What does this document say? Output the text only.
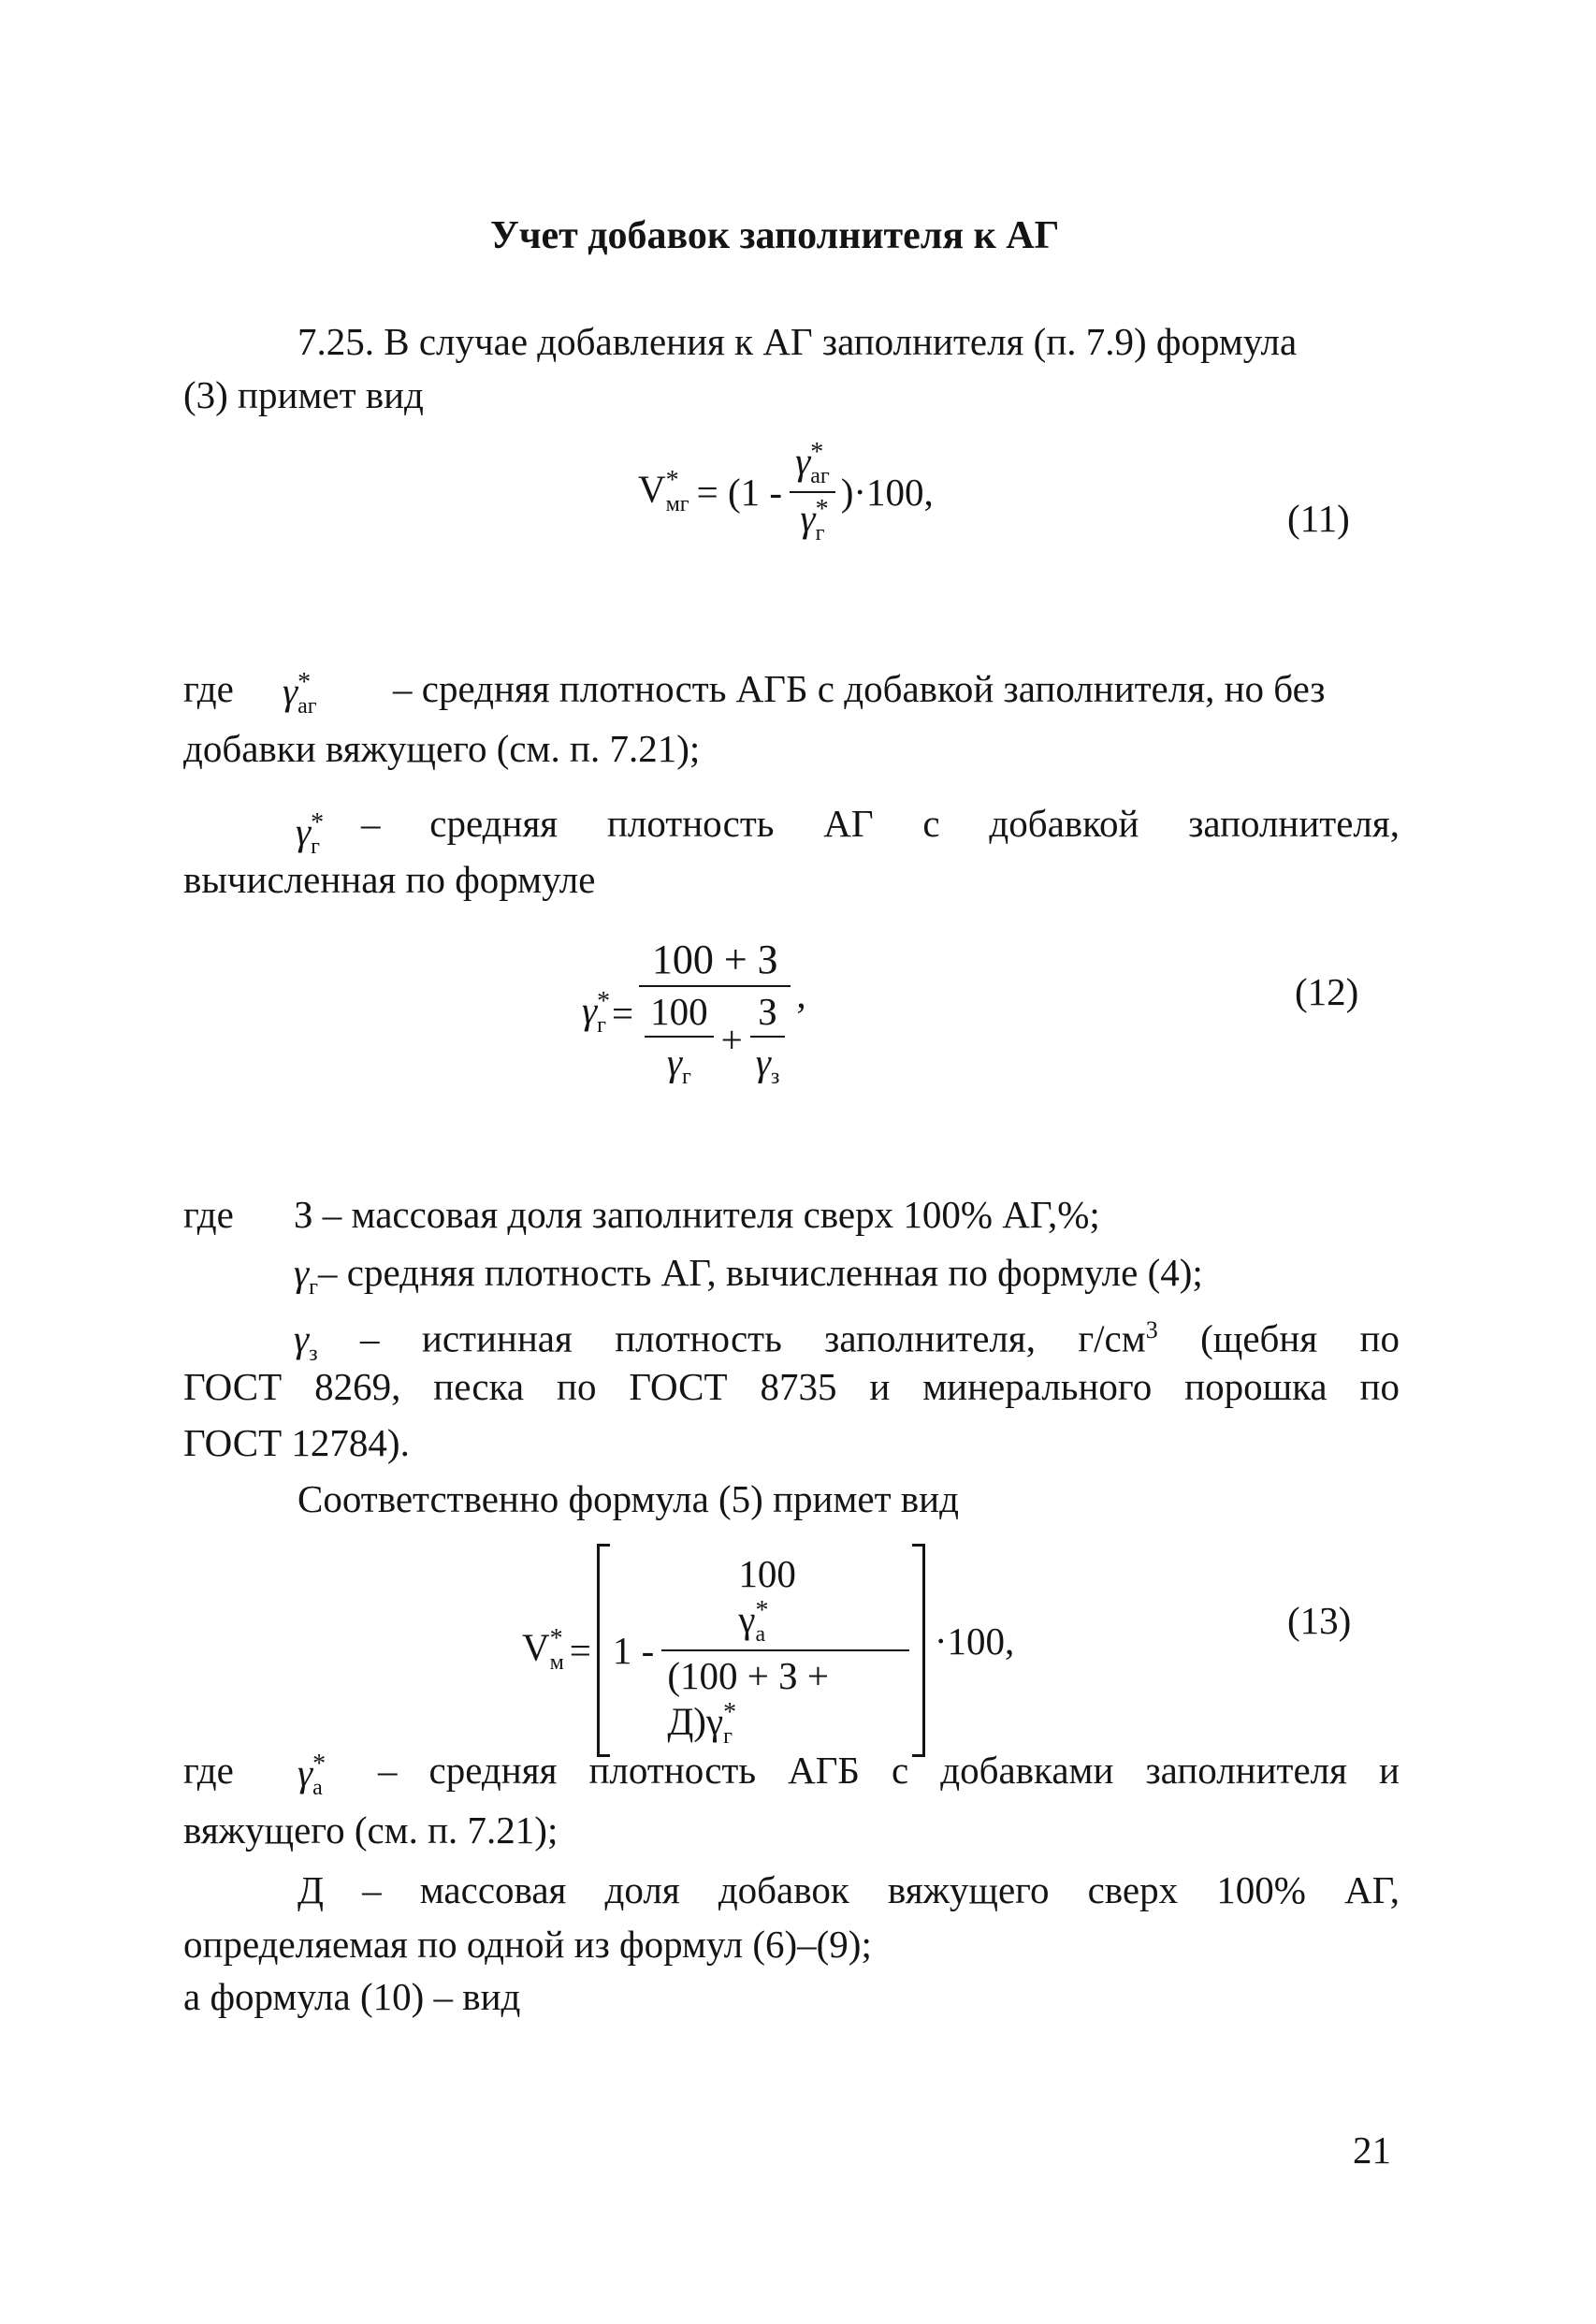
Учет добавок заполнителя к АГ
7.25. В случае добавления к АГ заполнителя (п. 7.9) формула
(3) примет вид
$V^*_{мг} = (1 - \frac{\gamma^*_{аг}}{\gamma^*_г} )\cdot 100$,
(11)
где $\gamma^*_{аг}$ – средняя плотность АГБ с добавкой заполнителя, но без
добавки вяжущего (см. п. 7.21);
$\gamma^*_г$
– средняя плотность АГ с добавкой заполнителя,
вычисленная по формуле
$\gamma^*_г$ =
100 + З
$\frac{100}{\gamma_г} + \frac{З}{\gamma_з}$ ,	(12)
где З – массовая доля заполнителя сверх 100% АГ,%;
$\gamma_г-$ средняя плотность АГ, вычисленная по формуле (4);
$\gamma_з$ – истинная плотность заполнителя, $г/см^3$ (щебня по
ГОСТ 8269, песка по ГОСТ 8735 и минерального порошка по
ГОСТ 12784).
Соответственно формула (5) примет вид
$V^*_м = 1 - \frac{100 \gamma^*_а}{(100 + З + Д)\gamma^*_г} \cdot 100$,	(13)
где $\gamma^*_а$ – средняя плотность АГБ с добавками заполнителя и
вяжущего (см. п. 7.21);
Д – массовая доля добавок вяжущего сверх 100% АГ,
определяемая по одной из формул (6)–(9);
а формула (10) – вид
21
